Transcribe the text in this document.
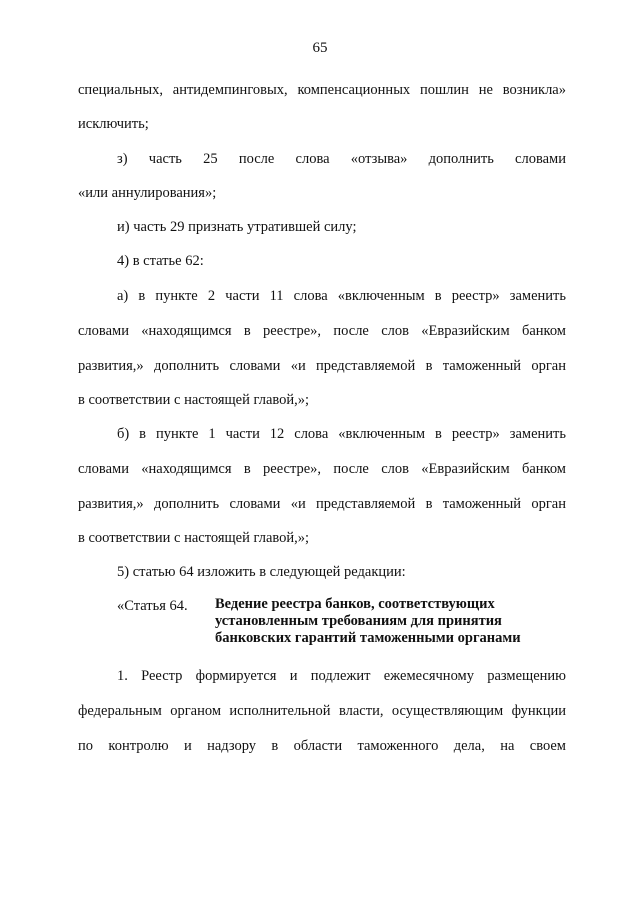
65
специальных, антидемпинговых, компенсационных пошлин не возникла»
исключить;
з) часть 25 после слова «отзыва» дополнить словами
«или аннулирования»;
и) часть 29 признать утратившей силу;
4) в статье 62:
а) в пункте 2 части 11 слова «включенным в реестр» заменить
словами «находящимся в реестре», после слов «Евразийским банком
развития,» дополнить словами «и представляемой в таможенный орган
в соответствии с настоящей главой,»;
б) в пункте 1 части 12 слова «включенным в реестр» заменить
словами «находящимся в реестре», после слов «Евразийским банком
развития,» дополнить словами «и представляемой в таможенный орган
в соответствии с настоящей главой,»;
5) статью 64 изложить в следующей редакции:
«Статья 64. Ведение реестра банков, соответствующих
установленным требованиям для принятия
банковских гарантий таможенными органами
1. Реестр формируется и подлежит ежемесячному размещению
федеральным органом исполнительной власти, осуществляющим функции
по контролю и надзору в области таможенного дела, на своем
